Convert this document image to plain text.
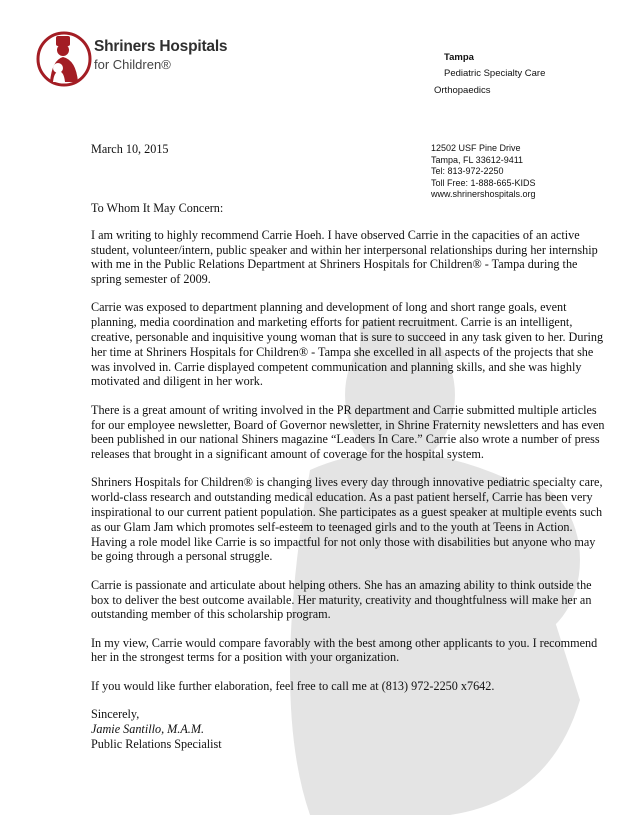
Shriners Hospitals
for Children®	Tampa
Pediatric Specialty Care
Orthopaedics
March 10, 2015	12502 USF Pine Drive
Tampa, FL 33612-9411
Tel: 813-972-2250
Toll Free: 1-888-665-KIDS
www.shrinershospitals.org

To Whom It May Concern:

I am writing to highly recommend Carrie Hoeh. I have observed Carrie in the capacities of an active student, volunteer/intern, public speaker and within her interpersonal relationships during her internship with me in the Public Relations Department at Shriners Hospitals for Children® - Tampa during the spring semester of 2009.

Carrie was exposed to department planning and development of long and short range goals, event planning, media coordination and marketing efforts for patient recruitment. Carrie is an intelligent, creative, personable and inquisitive young woman that is sure to succeed in any task given to her. During her time at Shriners Hospitals for Children® - Tampa she excelled in all aspects of the projects that she was involved in. Carrie displayed competent communication and planning skills, and she was highly motivated and diligent in her work.

There is a great amount of writing involved in the PR department and Carrie submitted multiple articles for our employee newsletter, Board of Governor newsletter, in Shrine Fraternity newsletters and has even been published in our national Shiners magazine “Leaders In Care.” Carrie also wrote a number of press releases that brought in a significant amount of coverage for the hospital system.

Shriners Hospitals for Children® is changing lives every day through innovative pediatric specialty care, world-class research and outstanding medical education. As a past patient herself, Carrie has been very inspirational to our current patient population. She participates as a guest speaker at multiple events such as our Glam Jam which promotes self-esteem to teenaged girls and to the youth at Teens in Action. Having a role model like Carrie is so impactful for not only those with disabilities but anyone who may be going through a personal struggle.

Carrie is passionate and articulate about helping others. She has an amazing ability to think outside the box to deliver the best outcome available. Her maturity, creativity and thoughtfulness will make her an outstanding member of this scholarship program.

In my view, Carrie would compare favorably with the best among other applicants to you. I recommend her in the strongest terms for a position with your organization.

If you would like further elaboration, feel free to call me at (813) 972-2250 x7642.

Sincerely,
Jamie Santillo, M.A.M.
Public Relations Specialist
